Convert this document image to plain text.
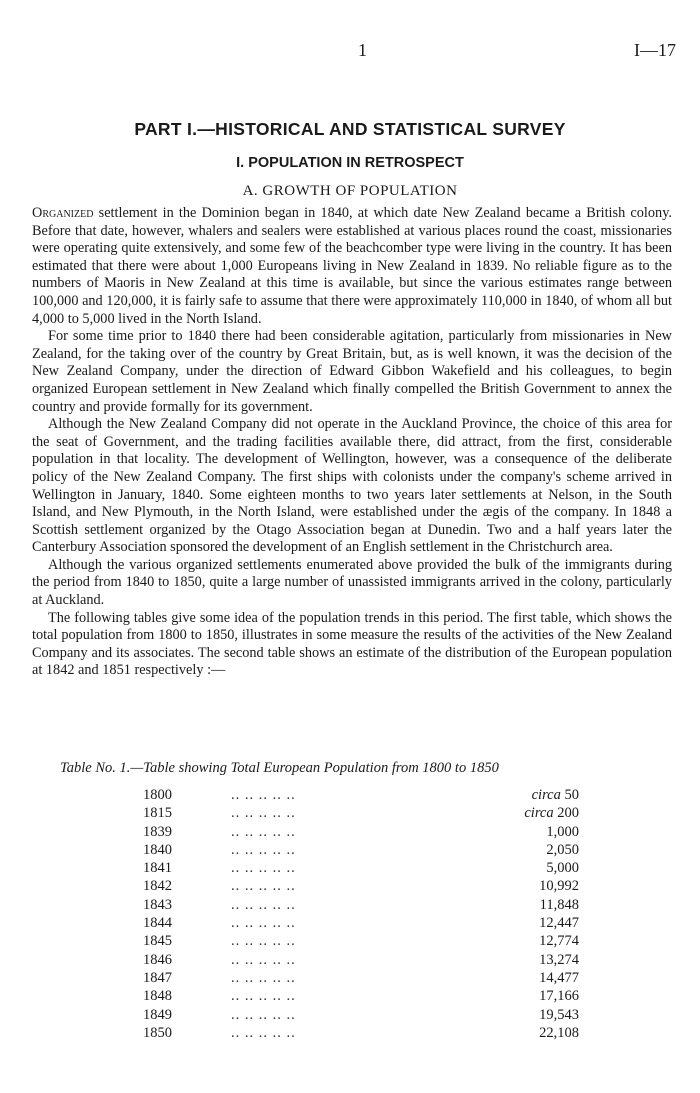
1	I—17
PART I.—HISTORICAL AND STATISTICAL SURVEY
I. POPULATION IN RETROSPECT
A. GROWTH OF POPULATION

Organized settlement in the Dominion began in 1840, at which date New Zealand became a British colony. Before that date, however, whalers and sealers were established at various places round the coast, missionaries were operating quite extensively, and some few of the beachcomber type were living in the country. It has been estimated that there were about 1,000 Europeans living in New Zealand in 1839. No reliable figure as to the numbers of Maoris in New Zealand at this time is available, but since the various estimates range between 100,000 and 120,000, it is fairly safe to assume that there were approximately 110,000 in 1840, of whom all but 4,000 to 5,000 lived in the North Island.

For some time prior to 1840 there had been considerable agitation, particularly from missionaries in New Zealand, for the taking over of the country by Great Britain, but, as is well known, it was the decision of the New Zealand Company, under the direction of Edward Gibbon Wakefield and his colleagues, to begin organized European settlement in New Zealand which finally compelled the British Government to annex the country and provide formally for its government.

Although the New Zealand Company did not operate in the Auckland Province, the choice of this area for the seat of Government, and the trading facilities available there, did attract, from the first, considerable population in that locality. The development of Wellington, however, was a consequence of the deliberate policy of the New Zealand Company. The first ships with colonists under the company's scheme arrived in Wellington in January, 1840. Some eighteen months to two years later settlements at Nelson, in the South Island, and New Plymouth, in the North Island, were established under the ægis of the company. In 1848 a Scottish settlement organized by the Otago Association began at Dunedin. Two and a half years later the Canterbury Association sponsored the development of an English settlement in the Christchurch area.

Although the various organized settlements enumerated above provided the bulk of the immigrants during the period from 1840 to 1850, quite a large number of unassisted immigrants arrived in the colony, particularly at Auckland.

The following tables give some idea of the population trends in this period. The first table, which shows the total population from 1800 to 1850, illustrates in some measure the results of the activities of the New Zealand Company and its associates. The second table shows an estimate of the distribution of the European population at 1842 and 1851 respectively :—

Table No. 1.—Table showing Total European Population from 1800 to 1850
1800	.. .. .. .. ..	circa 50
1815	.. .. .. .. ..	circa 200
1839	.. .. .. .. ..	1,000
1840	.. .. .. .. ..	2,050
1841	.. .. .. .. ..	5,000
1842	.. .. .. .. ..	10,992
1843	.. .. .. .. ..	11,848
1844	.. .. .. .. ..	12,447
1845	.. .. .. .. ..	12,774
1846	.. .. .. .. ..	13,274
1847	.. .. .. .. ..	14,477
1848	.. .. .. .. ..	17,166
1849	.. .. .. .. ..	19,543
1850	.. .. .. .. ..	22,108
